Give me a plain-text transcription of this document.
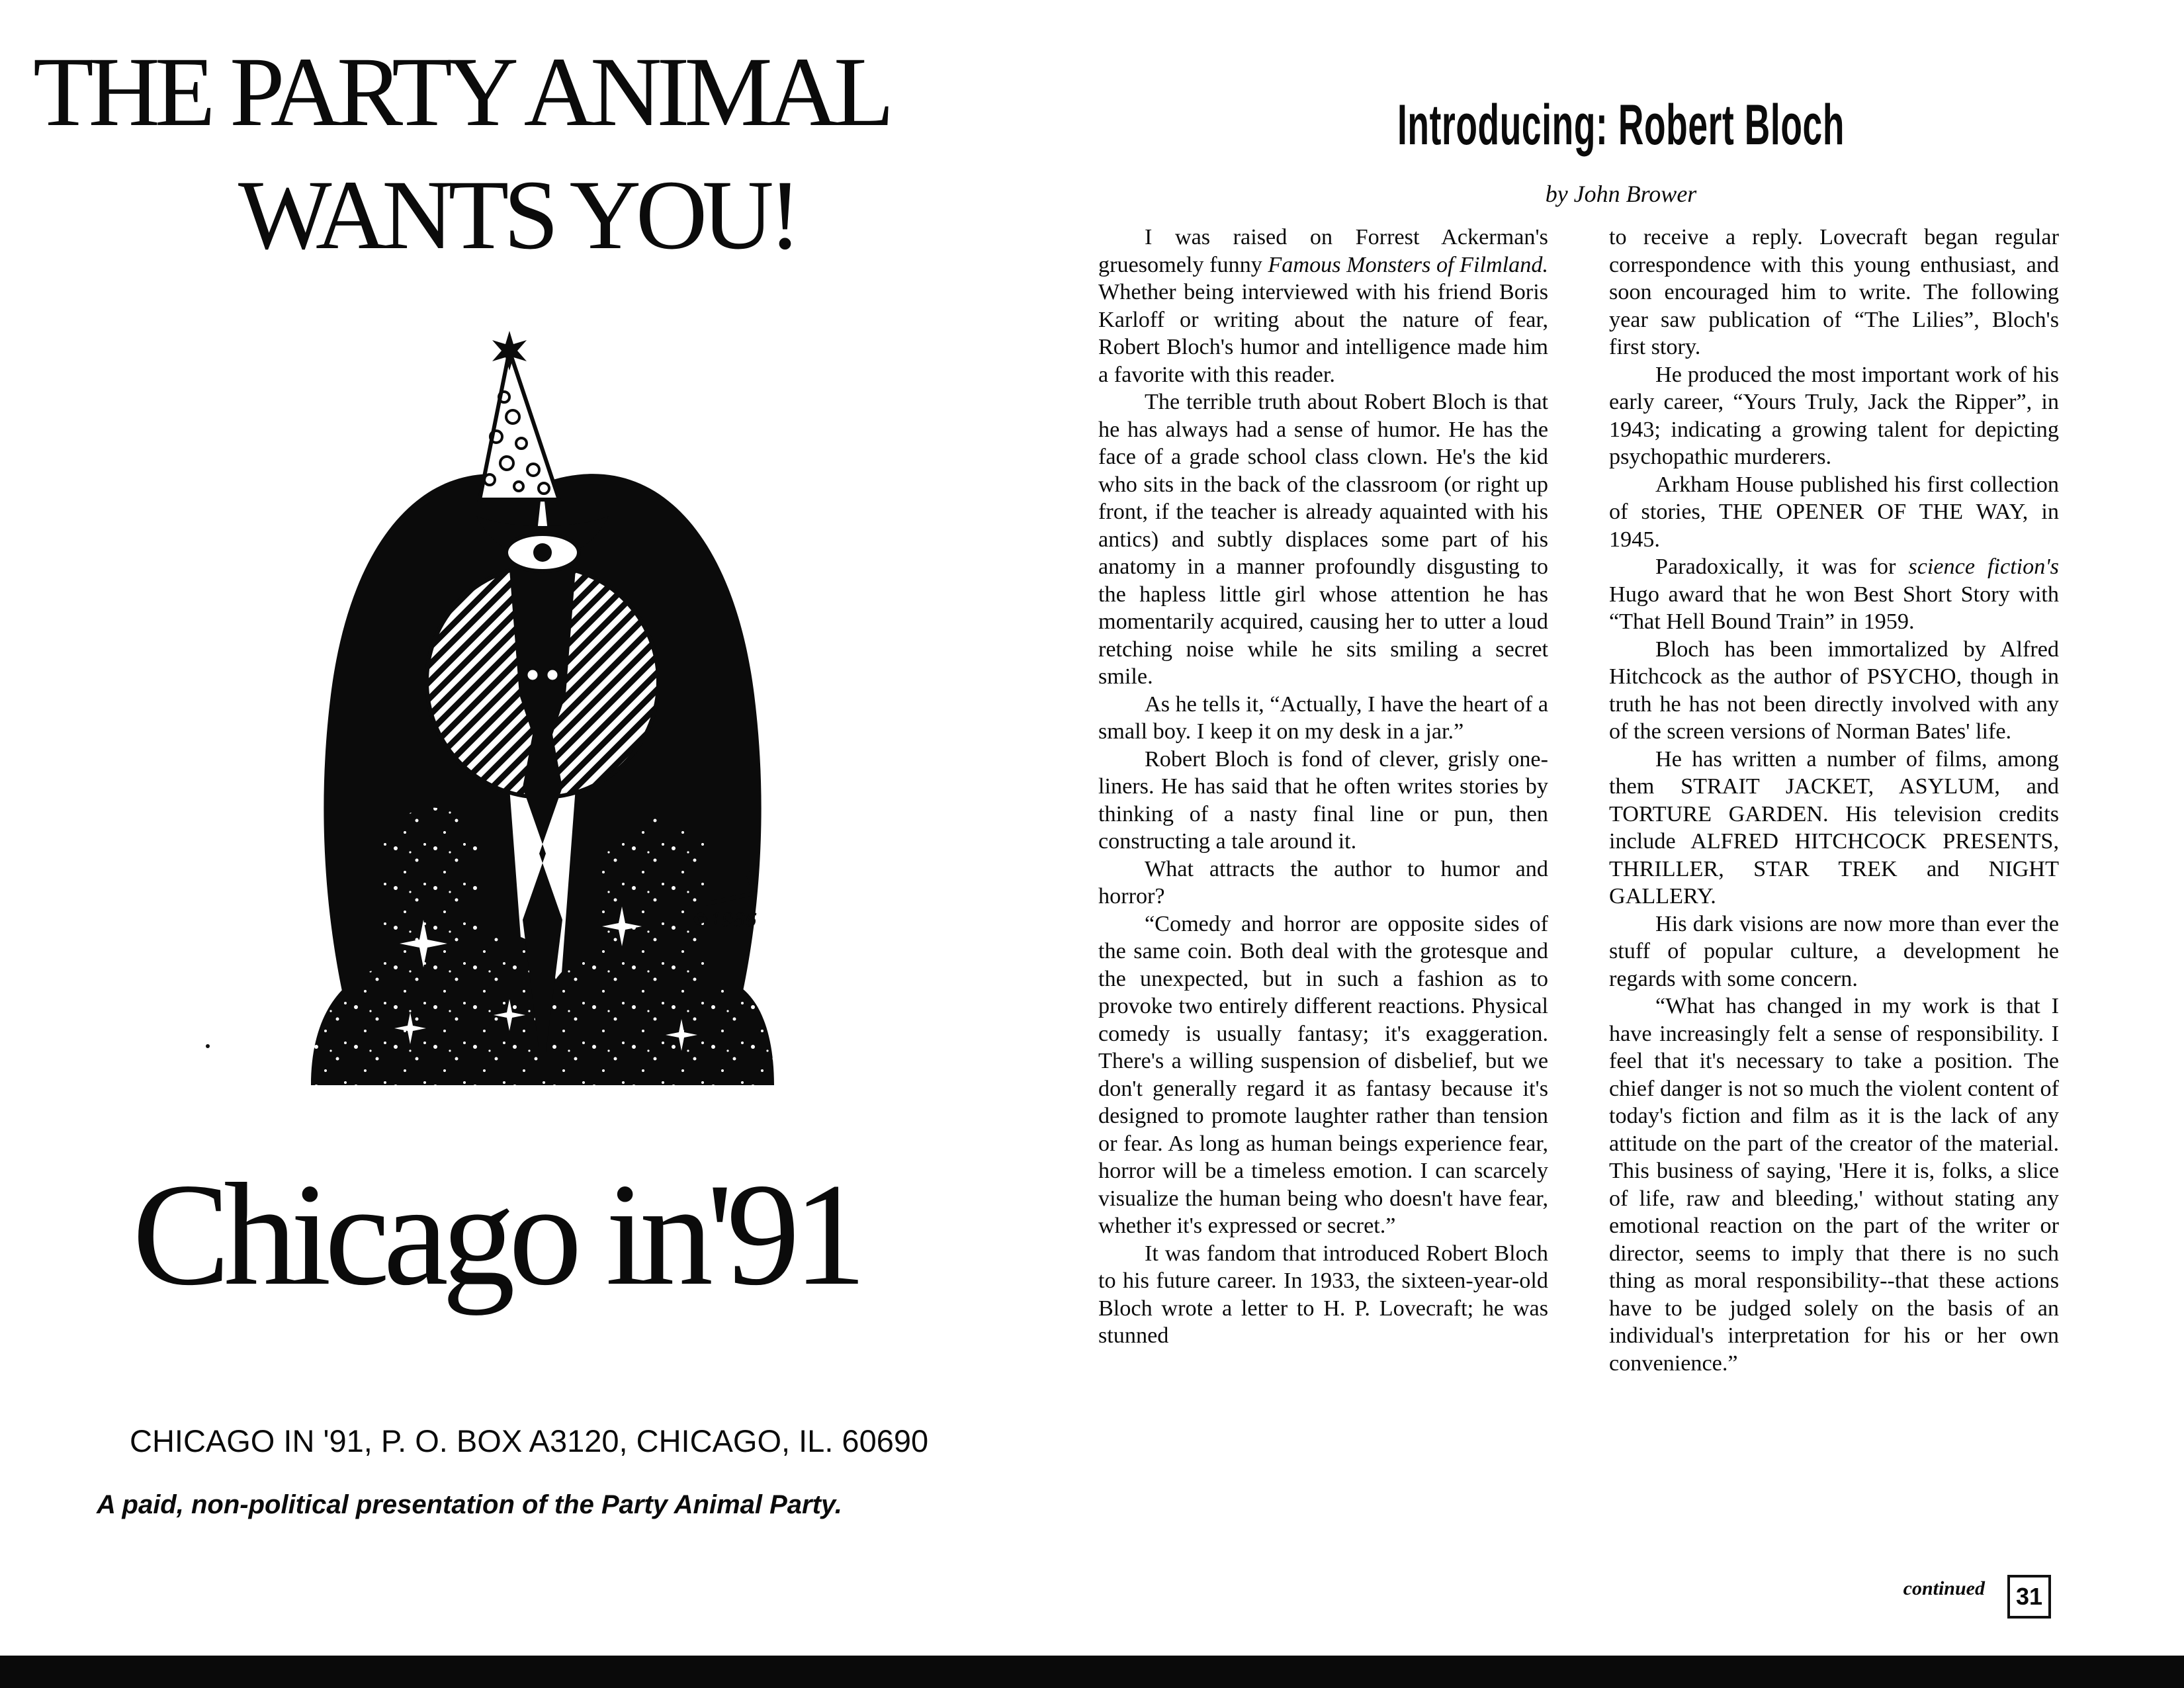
THE PARTY ANIMAL
WANTS YOU!
©1986
Chicago in'91
CHICAGO IN '91, P. O. BOX A3120, CHICAGO, IL. 60690
A paid, non-political presentation of the Party Animal Party.
Introducing: Robert Bloch
by John Brower

I was raised on Forrest Ackerman's gruesomely funny Famous Monsters of Filmland. Whether being interviewed with his friend Boris Karloff or writing about the nature of fear, Robert Bloch's humor and intelligence made him a favorite with this reader.

The terrible truth about Robert Bloch is that he has always had a sense of humor. He has the face of a grade school class clown. He's the kid who sits in the back of the classroom (or right up front, if the teacher is already aquainted with his antics) and subtly displaces some part of his anatomy in a manner profoundly disgusting to the hapless little girl whose attention he has momentarily acquired, causing her to utter a loud retching noise while he sits smiling a secret smile.

As he tells it, “Actually, I have the heart of a small boy. I keep it on my desk in a jar.”

Robert Bloch is fond of clever, grisly one-liners. He has said that he often writes stories by thinking of a nasty final line or pun, then constructing a tale around it.

What attracts the author to humor and horror?

“Comedy and horror are opposite sides of the same coin. Both deal with the grotesque and the unexpected, but in such a fashion as to provoke two entirely different reactions. Physical comedy is usually fantasy; it's exaggeration. There's a willing suspension of disbelief, but we don't generally regard it as fantasy because it's designed to promote laughter rather than tension or fear. As long as human beings experience fear, horror will be a timeless emotion. I can scarcely visualize the human being who doesn't have fear, whether it's expressed or secret.”

It was fandom that introduced Robert Bloch to his future career. In 1933, the sixteen-year-old Bloch wrote a letter to H. P. Lovecraft; he was stunned

to receive a reply. Lovecraft began regular correspondence with this young enthusiast, and soon encouraged him to write. The following year saw publication of “The Lilies”, Bloch's first story.

He produced the most important work of his early career, “Yours Truly, Jack the Ripper”, in 1943; indicating a growing talent for depicting psychopathic murderers.

Arkham House published his first collection of stories, THE OPENER OF THE WAY, in 1945.

Paradoxically, it was for science fiction's Hugo award that he won Best Short Story with “That Hell Bound Train” in 1959.

Bloch has been immortalized by Alfred Hitchcock as the author of PSYCHO, though in truth he has not been directly involved with any of the screen versions of Norman Bates' life.

He has written a number of films, among them STRAIT JACKET, ASYLUM, and TORTURE GARDEN. His television credits include ALFRED HITCHCOCK PRESENTS, THRILLER, STAR TREK and NIGHT GALLERY.

His dark visions are now more than ever the stuff of popular culture, a development he regards with some concern.

“What has changed in my work is that I have increasingly felt a sense of responsibility. I feel that it's necessary to take a position. The chief danger is not so much the violent content of today's fiction and film as it is the lack of any attitude on the part of the creator of the material. This business of saying, 'Here it is, folks, a slice of life, raw and bleeding,' without stating any emotional reaction on the part of the writer or director, seems to imply that there is no such thing as moral responsibility--that these actions have to be judged solely on the basis of an individual's interpretation for his or her own convenience.”

continued 31
